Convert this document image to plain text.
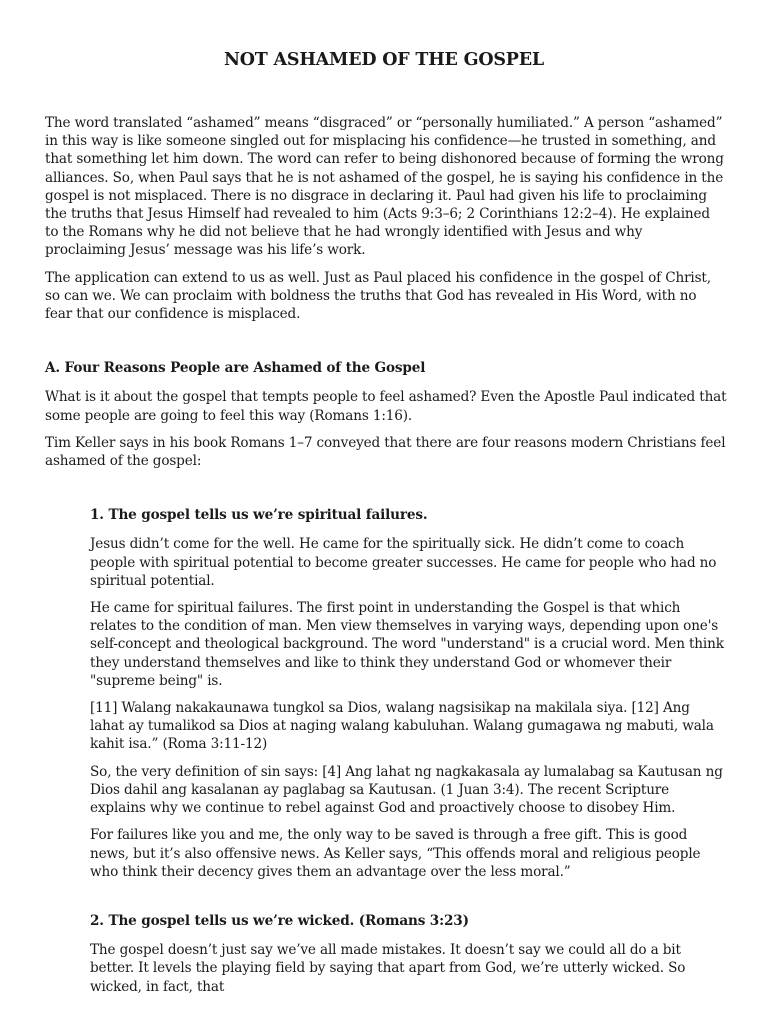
NOT ASHAMED OF THE GOSPEL

The word translated “ashamed” means “disgraced” or “personally humiliated.” A person “ashamed” in this way is like someone singled out for misplacing his confidence—he trusted in something, and that something let him down. The word can refer to being dishonored because of forming the wrong alliances. So, when Paul says that he is not ashamed of the gospel, he is saying his confidence in the gospel is not misplaced. There is no disgrace in declaring it. Paul had given his life to proclaiming the truths that Jesus Himself had revealed to him (Acts 9:3–6; 2 Corinthians 12:2–4). He explained to the Romans why he did not believe that he had wrongly identified with Jesus and why proclaiming Jesus’ message was his life’s work.

The application can extend to us as well. Just as Paul placed his confidence in the gospel of Christ, so can we. We can proclaim with boldness the truths that God has revealed in His Word, with no fear that our confidence is misplaced.

A. Four Reasons People are Ashamed of the Gospel

What is it about the gospel that tempts people to feel ashamed? Even the Apostle Paul indicated that some people are going to feel this way (Romans 1:16).

Tim Keller says in his book Romans 1–7 conveyed that there are four reasons modern Christians feel ashamed of the gospel:

1. The gospel tells us we’re spiritual failures.

Jesus didn’t come for the well. He came for the spiritually sick. He didn’t come to coach people with spiritual potential to become greater successes. He came for people who had no spiritual potential.

He came for spiritual failures. The first point in understanding the Gospel is that which relates to the condition of man. Men view themselves in varying ways, depending upon one's self-concept and theological background. The word "understand" is a crucial word. Men think they understand themselves and like to think they understand God or whomever their "supreme being" is.

[11] Walang nakakaunawa tungkol sa Dios, walang nagsisikap na makilala siya. [12] Ang lahat ay tumalikod sa Dios at naging walang kabuluhan. Walang gumagawa ng mabuti, wala kahit isa.” (Roma 3:11-12)

So, the very definition of sin says: [4] Ang lahat ng nagkakasala ay lumalabag sa Kautusan ng Dios dahil ang kasalanan ay paglabag sa Kautusan. (1 Juan 3:4). The recent Scripture explains why we continue to rebel against God and proactively choose to disobey Him.

For failures like you and me, the only way to be saved is through a free gift. This is good news, but it’s also offensive news. As Keller says, “This offends moral and religious people who think their decency gives them an advantage over the less moral.”

2. The gospel tells us we’re wicked. (Romans 3:23)

The gospel doesn’t just say we’ve all made mistakes. It doesn’t say we could all do a bit better. It levels the playing field by saying that apart from God, we’re utterly wicked. So wicked, in fact, that
